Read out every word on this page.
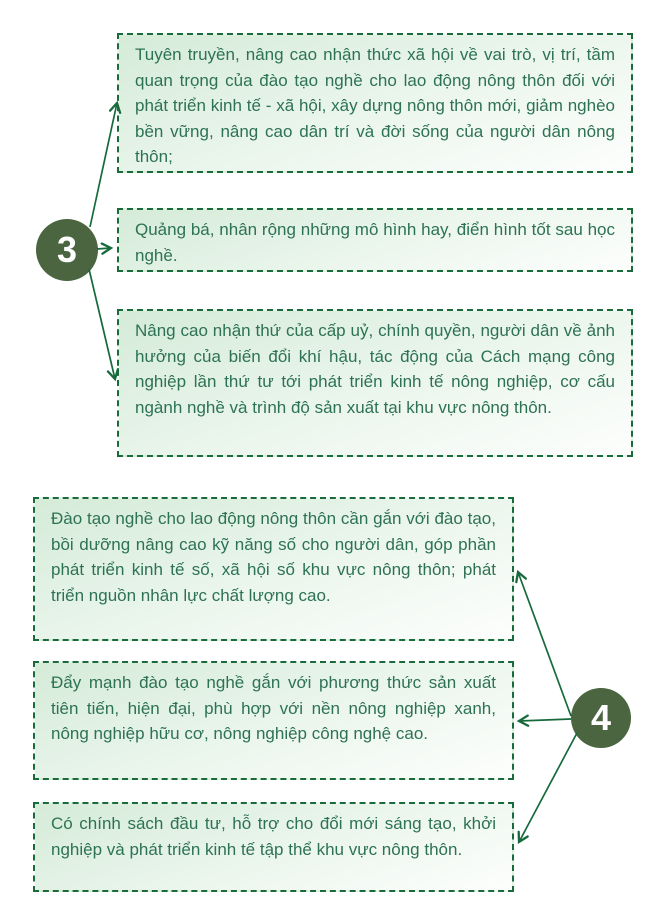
Tuyên truyền, nâng cao nhận thức xã hội về vai trò, vị trí, tầm quan trọng của đào tạo nghề cho lao động nông thôn đối với phát triển kinh tế - xã hội, xây dựng nông thôn mới, giảm nghèo bền vững, nâng cao dân trí và đời sống của người dân nông thôn;
Quảng bá, nhân rộng những mô hình hay, điển hình tốt sau học nghề.
Nâng cao nhận thứ của cấp uỷ, chính quyền, người dân về ảnh hưởng của biến đổi khí hậu, tác động của Cách mạng công nghiệp lần thứ tư tới phát triển kinh tế nông nghiệp, cơ cấu ngành nghề và trình độ sản xuất tại khu vực nông thôn.
Đào tạo nghề cho lao động nông thôn cần gắn với đào tạo, bồi dưỡng nâng cao kỹ năng số cho người dân, góp phần phát triển kinh tế số, xã hội số khu vực nông thôn; phát triển nguồn nhân lực chất lượng cao.
Đẩy mạnh đào tạo nghề gắn với phương thức sản xuất tiên tiến, hiện đại, phù hợp với nền nông nghiệp xanh, nông nghiệp hữu cơ, nông nghiệp công nghệ cao.
Có chính sách đầu tư, hỗ trợ cho đổi mới sáng tạo, khởi nghiệp và phát triển kinh tế tập thể khu vực nông thôn.
3
4
